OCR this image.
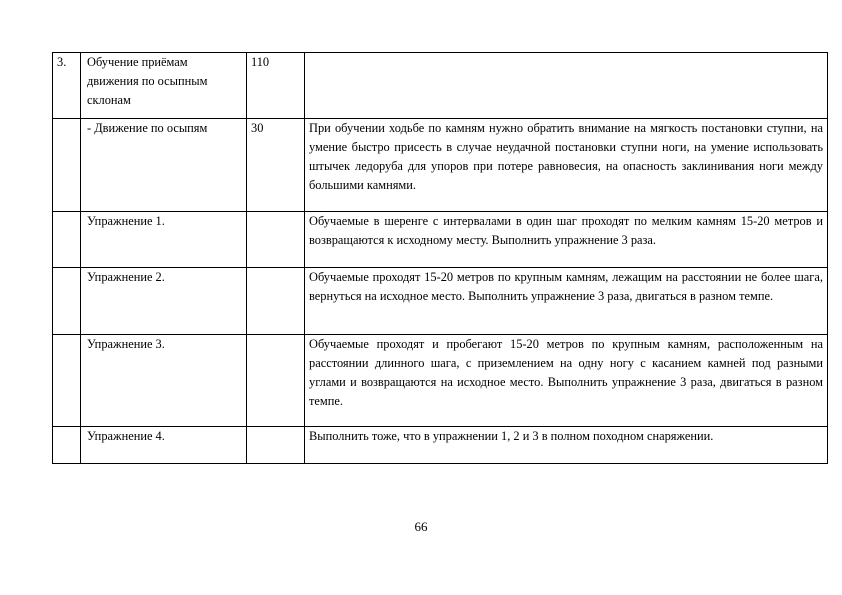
3.	Обучение приёмам движения по осыпным склонам	110	
	- Движение по осыпям	30	При обучении ходьбе по камням нужно обратить внимание на мягкость постановки ступни, на умение быстро присесть в случае неудачной постановки ступни ноги, на умение использовать штычек ледоруба для упоров при потере равновесия, на опасность заклинивания ноги между большими камнями.
	Упражнение 1.		Обучаемые в шеренге с интервалами в один шаг проходят по мелким камням 15-20 метров и возвращаются к исходному месту. Выполнить упражнение 3 раза.
	Упражнение 2.		Обучаемые проходят 15-20 метров по крупным камням, лежащим на расстоянии не более шага, вернуться на исходное место. Выполнить упражнение 3 раза, двигаться в разном темпе.
	Упражнение 3.		Обучаемые проходят и пробегают 15-20 метров по крупным камням, расположенным на расстоянии длинного шага, с приземлением на одну ногу с касанием камней под разными углами и возвращаются на исходное место. Выполнить упражнение 3 раза, двигаться в разном темпе.
	Упражнение 4.		Выполнить тоже, что в упражнении 1, 2 и 3 в полном походном снаряжении.
66
